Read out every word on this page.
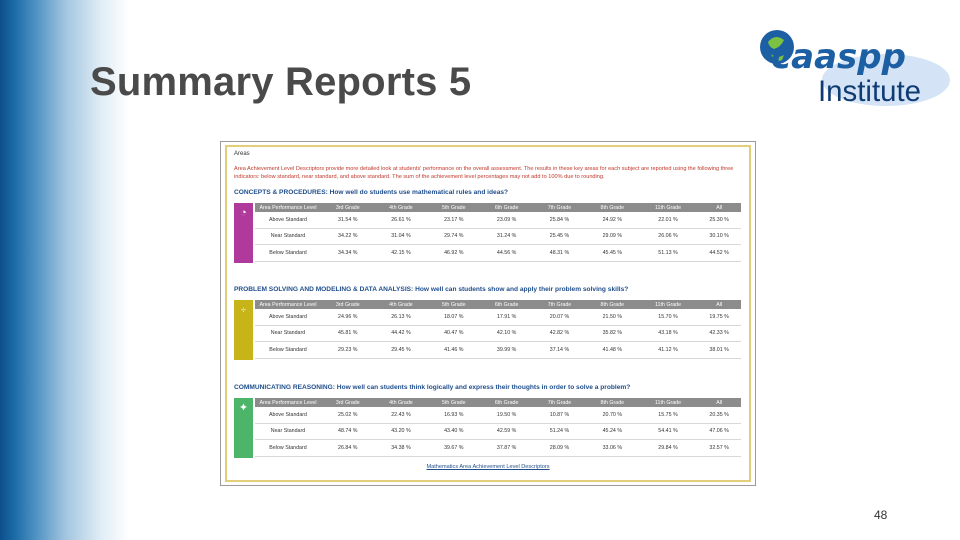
Summary Reports 5
caaspp
Institute
Areas
Area Achievement Level Descriptors provide more detailed look at students' performance on the overall assessment. The results in these key areas for each subject are reported using the following three indicators: below standard, near standard, and above standard. The sum of the achievement level percentages may not add to 100% due to rounding.
CONCEPTS & PROCEDURES: How well do students use mathematical rules and ideas?
◔	Area Performance Level	3rd Grade	4th Grade	5th Grade	6th Grade	7th Grade	8th Grade	11th Grade	All
Above Standard	31.54 %	26.61 %	23.17 %	23.09 %	25.84 %	24.92 %	22.01 %	25.30 %
Near Standard	34.22 %	31.04 %	29.74 %	31.24 %	25.45 %	29.09 %	26.06 %	30.10 %
Below Standard	34.34 %	42.15 %	46.92 %	44.56 %	48.31 %	45.45 %	51.13 %	44.52 %
PROBLEM SOLVING AND MODELING & DATA ANALYSIS: How well can students show and apply their problem solving skills?
÷
Area Performance Level	3rd Grade	4th Grade	5th Grade	6th Grade	7th Grade	8th Grade	11th Grade	All
Above Standard	24.96 %	26.13 %	18.07 %	17.91 %	20.07 %	21.50 %	15.70 %	19.75 %
Near Standard	45.81 %	44.42 %	40.47 %	42.10 %	42.82 %	35.82 %	43.18 %	42.33 %
Below Standard	29.23 %	29.45 %	41.46 %	39.99 %	37.14 %	41.48 %	41.12 %	38.01 %
COMMUNICATING REASONING: How well can students think logically and express their thoughts in order to solve a problem?
✦	Area Performance Level	3rd Grade	4th Grade	5th Grade	6th Grade	7th Grade	8th Grade	11th Grade	All
Above Standard	25.02 %	22.43 %	16.93 %	19.50 %	10.87 %	20.70 %	15.75 %	20.35 %
Near Standard	48.74 %	43.20 %	43.40 %	42.59 %	51.24 %	45.24 %	54.41 %	47.06 %
Below Standard	26.84 %	34.38 %	39.67 %	37.87 %	28.09 %	33.06 %	29.84 %	32.57 %
Mathematics Area Achievement Level Descriptors
48
